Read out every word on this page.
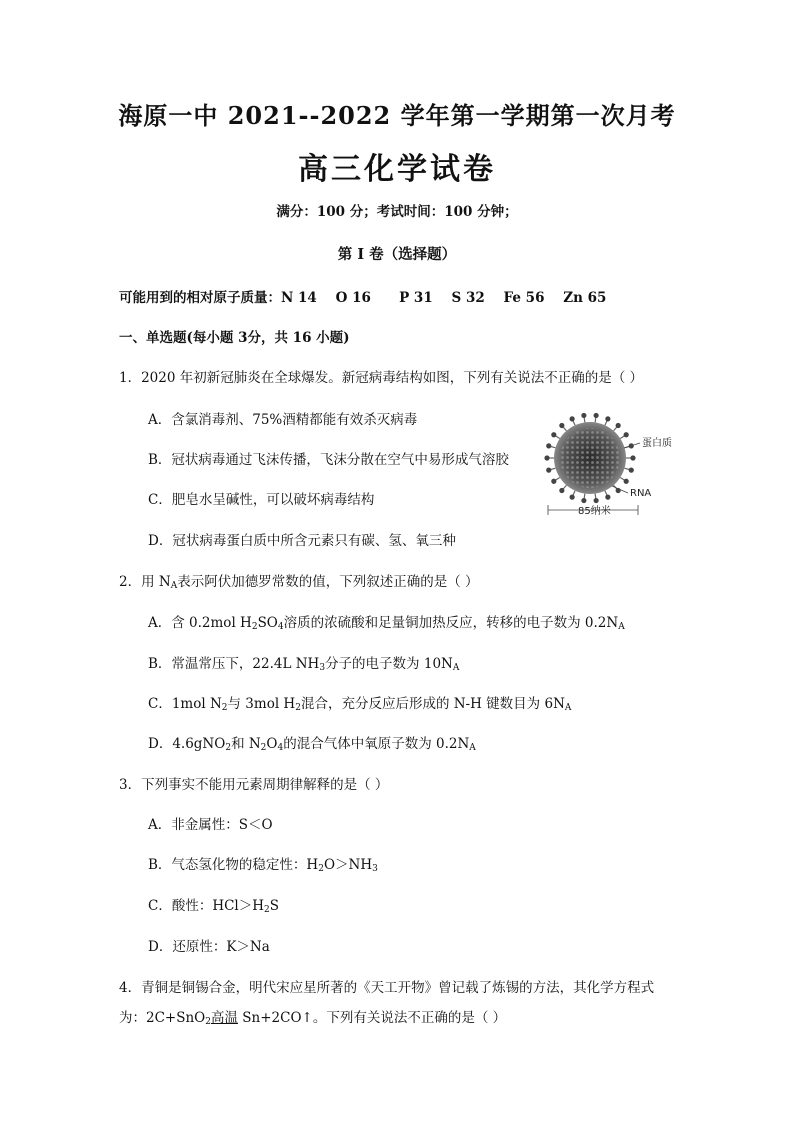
海原一中 2021--2022 学年第一学期第一次月考
高三化学试卷
满分：100 分；考试时间：100 分钟；
第 I 卷（选择题）
可能用到的相对原子质量：N 14    O 16      P 31    S 32    Fe 56    Zn 65
一、单选题(每小题 3分，共 16 小题)
1．2020 年初新冠肺炎在全球爆发。新冠病毒结构如图，下列有关说法不正确的是（ ）
A．含氯消毒剂、75%酒精都能有效杀灭病毒
B．冠状病毒通过飞沫传播，飞沫分散在空气中易形成气溶胶
C．肥皂水呈碱性，可以破坏病毒结构
D．冠状病毒蛋白质中所含元素只有碳、氢、氧三种
蛋白质
RNA
85纳米
2．用 $N_A$表示阿伏加德罗常数的值，下列叙述正确的是（ ）
A．含 0.2mol $H_2SO_4$溶质的浓硫酸和足量铜加热反应，转移的电子数为 $0.2N_A$
B．常温常压下，22.4L $NH_3$分子的电子数为 $10N_A$
C．1mol $N_2$与 3mol $H_2$混合，充分反应后形成的 N-H 键数目为 $6N_A$
D．4.6gNO$_2$和 $N_2O_4$的混合气体中氧原子数为 $0.2N_A$
3．下列事实不能用元素周期律解释的是（ ）
A．非金属性：S＜O
B．气态氢化物的稳定性：$H_2O>NH_3$
C．酸性：$HCl>H_2S$
D．还原性：K＞Na
4．青铜是铜锡合金，明代宋应星所著的《天工开物》曾记载了炼锡的方法，其化学方程式
为：2C+SnO$_2$高温 Sn+2CO↑。下列有关说法不正确的是（ ）
